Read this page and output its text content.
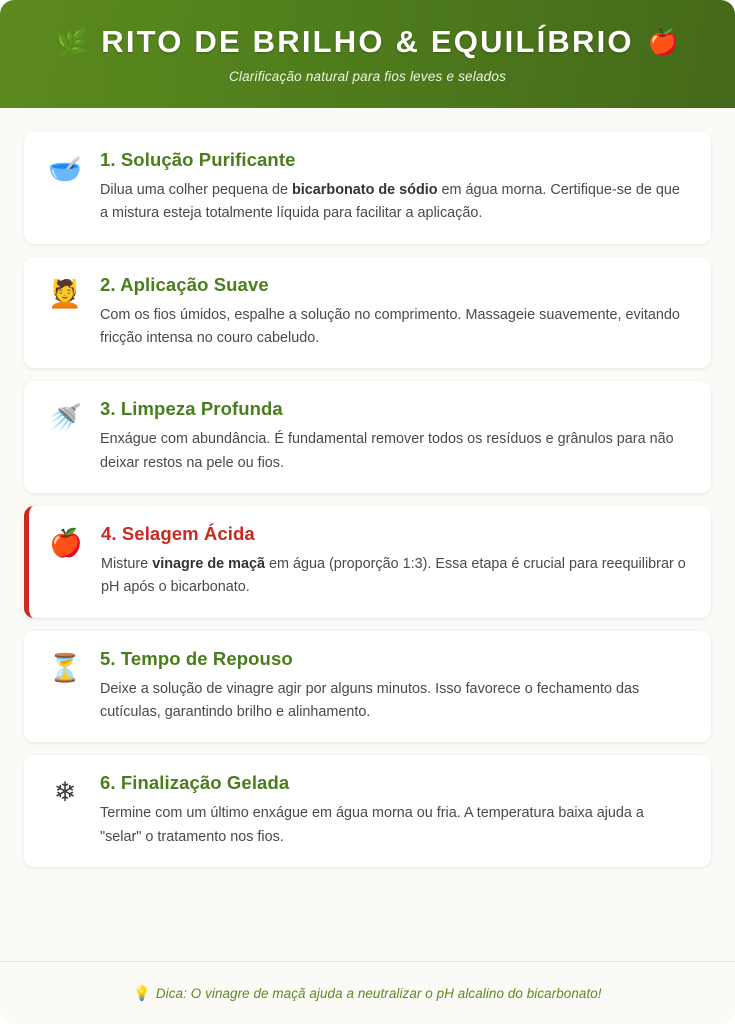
🌿 RITO DE BRILHO & EQUILÍBRIO 🍎
Clarificação natural para fios leves e selados
🥣 1. Solução Purificante

Dilua uma colher pequena de bicarbonato de sódio em água morna. Certifique-se de que a mistura esteja totalmente líquida para facilitar a aplicação.

💆 2. Aplicação Suave

Com os fios úmidos, espalhe a solução no comprimento. Massageie suavemente, evitando fricção intensa no couro cabeludo.

🚿 3. Limpeza Profunda

Enxágue com abundância. É fundamental remover todos os resíduos e grânulos para não deixar restos na pele ou fios.

🍎 4. Selagem Ácida

Misture vinagre de maçã em água (proporção 1:3). Essa etapa é crucial para reequilibrar o pH após o bicarbonato.

⏳ 5. Tempo de Repouso

Deixe a solução de vinagre agir por alguns minutos. Isso favorece o fechamento das cutículas, garantindo brilho e alinhamento.

❄	6. Finalização Gelada

Termine com um último enxágue em água morna ou fria. A temperatura baixa ajuda a "selar" o tratamento nos fios.

💡 Dica: O vinagre de maçã ajuda a neutralizar o pH alcalino do bicarbonato!
